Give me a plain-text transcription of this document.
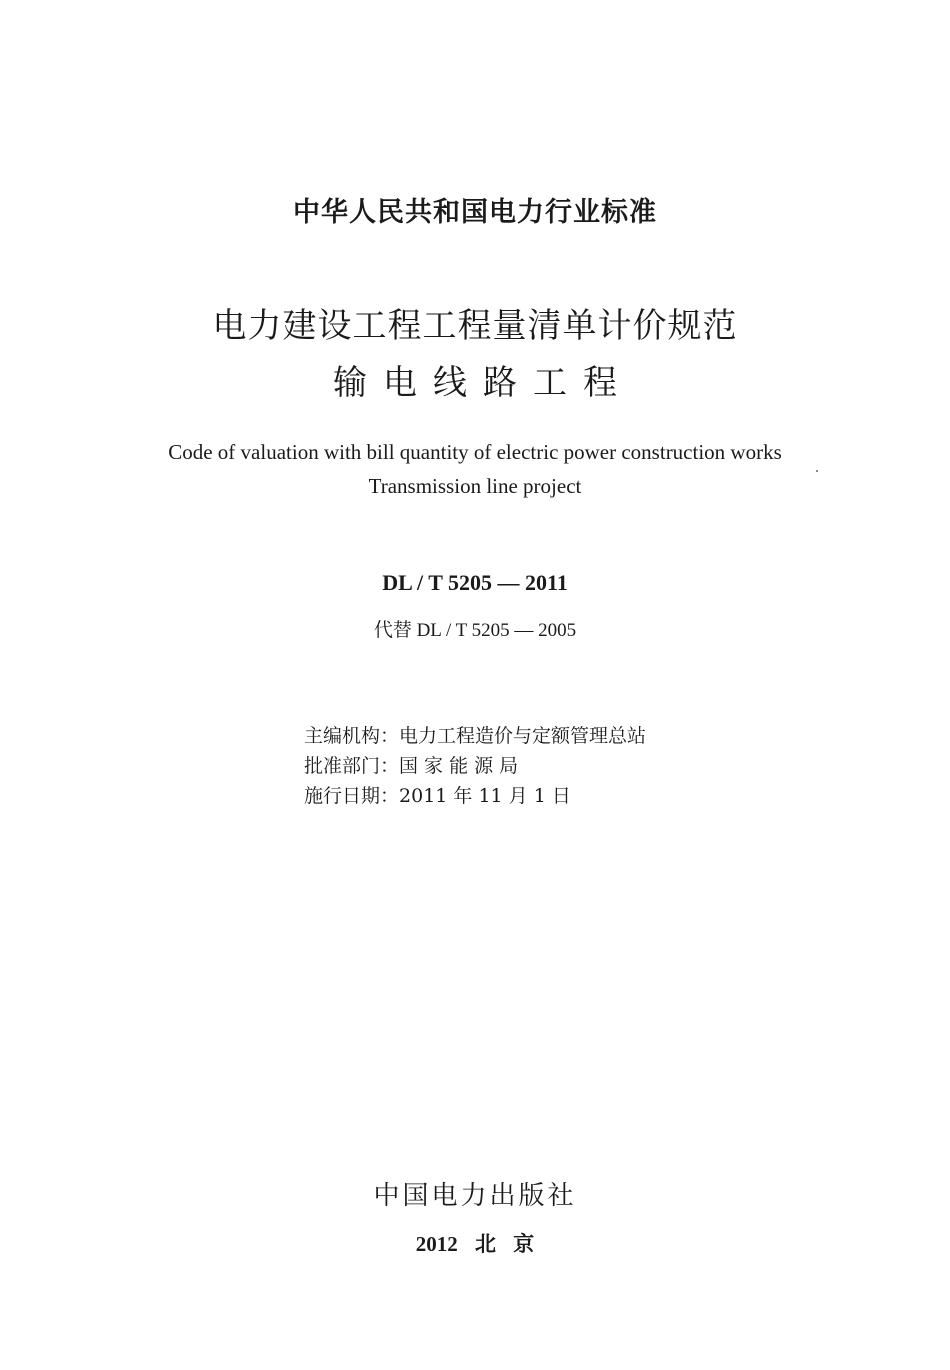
中华人民共和国电力行业标准
电力建设工程工程量清单计价规范
输电线路工程
Code of valuation with bill quantity of electric power construction works
Transmission line project
DL / T 5205 — 2011
代替 DL / T 5205 — 2005
主编机构：电力工程造价与定额管理总站
批准部门：国 家 能 源 局
施行日期：2011 年 11 月 1 日
中国电力出版社
2012 北 京
